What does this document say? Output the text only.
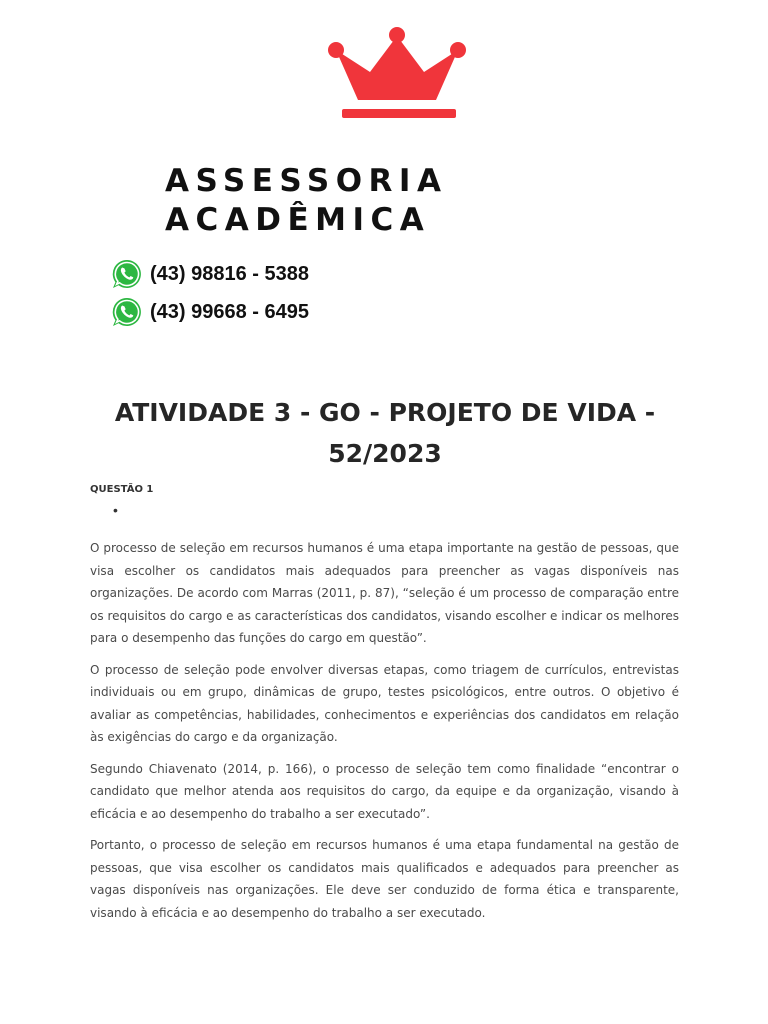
ASSESSORIA
ACADÊMICA
(43) 98816 - 5388
(43) 99668 - 6495
ATIVIDADE 3 - GO - PROJETO DE VIDA -
52/2023
QUESTÃO 1
•

O processo de seleção em recursos humanos é uma etapa importante na gestão de pessoas, que visa escolher os candidatos mais adequados para preencher as vagas disponíveis nas organizações. De acordo com Marras (2011, p. 87), “seleção é um processo de comparação entre os requisitos do cargo e as características dos candidatos, visando escolher e indicar os melhores para o desempenho das funções do cargo em questão”.

O processo de seleção pode envolver diversas etapas, como triagem de currículos, entrevistas individuais ou em grupo, dinâmicas de grupo, testes psicológicos, entre outros. O objetivo é avaliar as competências, habilidades, conhecimentos e experiências dos candidatos em relação às exigências do cargo e da organização.

Segundo Chiavenato (2014, p. 166), o processo de seleção tem como finalidade “encontrar o candidato que melhor atenda aos requisitos do cargo, da equipe e da organização, visando à eficácia e ao desempenho do trabalho a ser executado”.

Portanto, o processo de seleção em recursos humanos é uma etapa fundamental na gestão de pessoas, que visa escolher os candidatos mais qualificados e adequados para preencher as vagas disponíveis nas organizações. Ele deve ser conduzido de forma ética e transparente, visando à eficácia e ao desempenho do trabalho a ser executado.
